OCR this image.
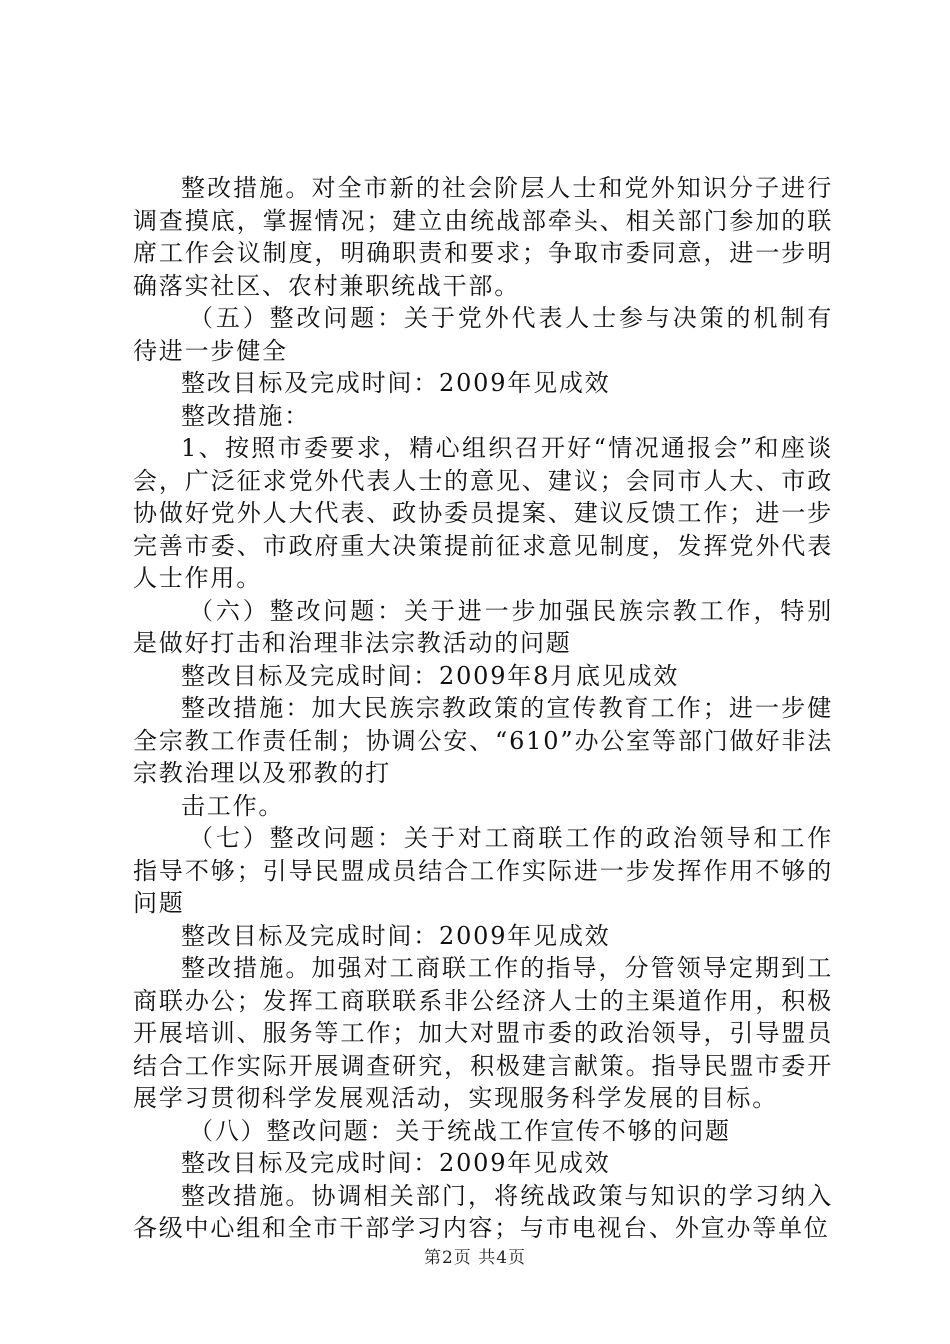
整改措施。对全市新的社会阶层人士和党外知识分子进行调查摸底，掌握情况；建立由统战部牵头、相关部门参加的联席工作会议制度，明确职责和要求；争取市委同意，进一步明确落实社区、农村兼职统战干部。

（五）整改问题：关于党外代表人士参与决策的机制有待进一步健全

整改目标及完成时间：2009年见成效

整改措施：

1、按照市委要求，精心组织召开好“情况通报会”和座谈会，广泛征求党外代表人士的意见、建议；会同市人大、市政协做好党外人大代表、政协委员提案、建议反馈工作；进一步完善市委、市政府重大决策提前征求意见制度，发挥党外代表人士作用。

（六）整改问题：关于进一步加强民族宗教工作，特别是做好打击和治理非法宗教活动的问题

整改目标及完成时间：2009年8月底见成效

整改措施：加大民族宗教政策的宣传教育工作；进一步健全宗教工作责任制；协调公安、“610”办公室等部门做好非法宗教治理以及邪教的打

击工作。

（七）整改问题：关于对工商联工作的政治领导和工作指导不够；引导民盟成员结合工作实际进一步发挥作用不够的问题

整改目标及完成时间：2009年见成效

整改措施。加强对工商联工作的指导，分管领导定期到工商联办公；发挥工商联联系非公经济人士的主渠道作用，积极开展培训、服务等工作；加大对盟市委的政治领导，引导盟员结合工作实际开展调查研究，积极建言献策。指导民盟市委开展学习贯彻科学发展观活动，实现服务科学发展的目标。

（八）整改问题：关于统战工作宣传不够的问题

整改目标及完成时间：2009年见成效

整改措施。协调相关部门，将统战政策与知识的学习纳入各级中心组和全市干部学习内容；与市电视台、外宣办等单位

第2页 共4页
